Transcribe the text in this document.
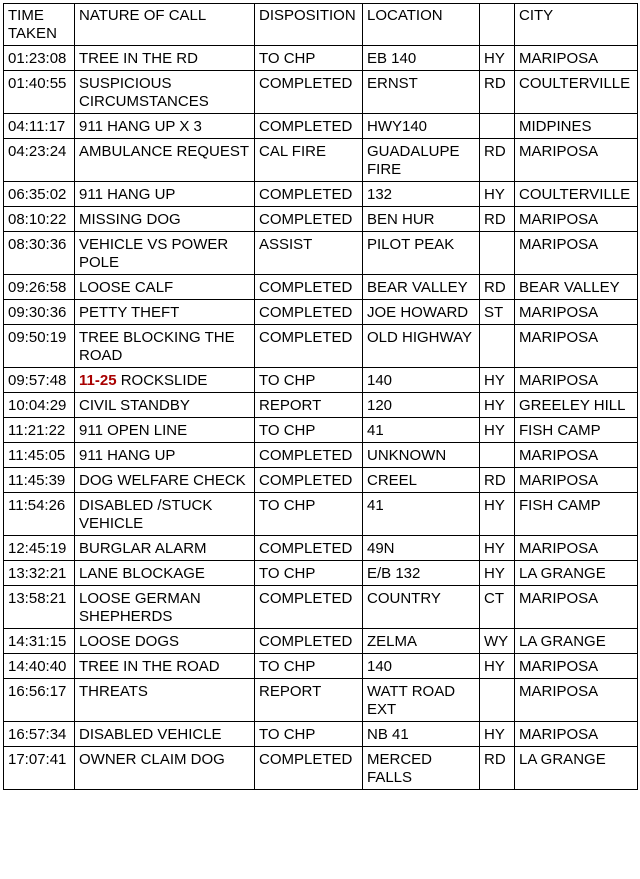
TIME TAKEN	NATURE OF CALL	DISPOSITION	LOCATION		CITY
01:23:08	TREE IN THE RD	TO CHP	EB 140	HY	MARIPOSA
01:40:55	SUSPICIOUS CIRCUMSTANCES	COMPLETED	ERNST	RD	COULTERVILLE
04:11:17	911 HANG UP X 3	COMPLETED	HWY140		MIDPINES
04:23:24	AMBULANCE REQUEST	CAL FIRE	GUADALUPE FIRE	RD	MARIPOSA
06:35:02	911 HANG UP	COMPLETED	132	HY	COULTERVILLE
08:10:22	MISSING DOG	COMPLETED	BEN HUR	RD	MARIPOSA
08:30:36	VEHICLE VS POWER POLE	ASSIST	PILOT PEAK		MARIPOSA
09:26:58	LOOSE CALF	COMPLETED	BEAR VALLEY	RD	BEAR VALLEY
09:30:36	PETTY THEFT	COMPLETED	JOE HOWARD	ST	MARIPOSA
09:50:19	TREE BLOCKING THE ROAD	COMPLETED	OLD HIGHWAY		MARIPOSA
09:57:48	11-25 ROCKSLIDE	TO CHP	140	HY	MARIPOSA
10:04:29	CIVIL STANDBY	REPORT	120	HY	GREELEY HILL
11:21:22	911 OPEN LINE	TO CHP	41	HY	FISH CAMP
11:45:05	911 HANG UP	COMPLETED	UNKNOWN		MARIPOSA
11:45:39	DOG WELFARE CHECK	COMPLETED	CREEL	RD	MARIPOSA
11:54:26	DISABLED /STUCK VEHICLE	TO CHP	41	HY	FISH CAMP
12:45:19	BURGLAR ALARM	COMPLETED	49N	HY	MARIPOSA
13:32:21	LANE BLOCKAGE	TO CHP	E/B 132	HY	LA GRANGE
13:58:21	LOOSE GERMAN SHEPHERDS	COMPLETED	COUNTRY	CT	MARIPOSA
14:31:15	LOOSE DOGS	COMPLETED	ZELMA	WY	LA GRANGE
14:40:40	TREE IN THE ROAD	TO CHP	140	HY	MARIPOSA
16:56:17	THREATS	REPORT	WATT ROAD EXT		MARIPOSA
16:57:34	DISABLED VEHICLE	TO CHP	NB 41	HY	MARIPOSA
17:07:41	OWNER CLAIM DOG	COMPLETED	MERCED FALLS	RD	LA GRANGE
